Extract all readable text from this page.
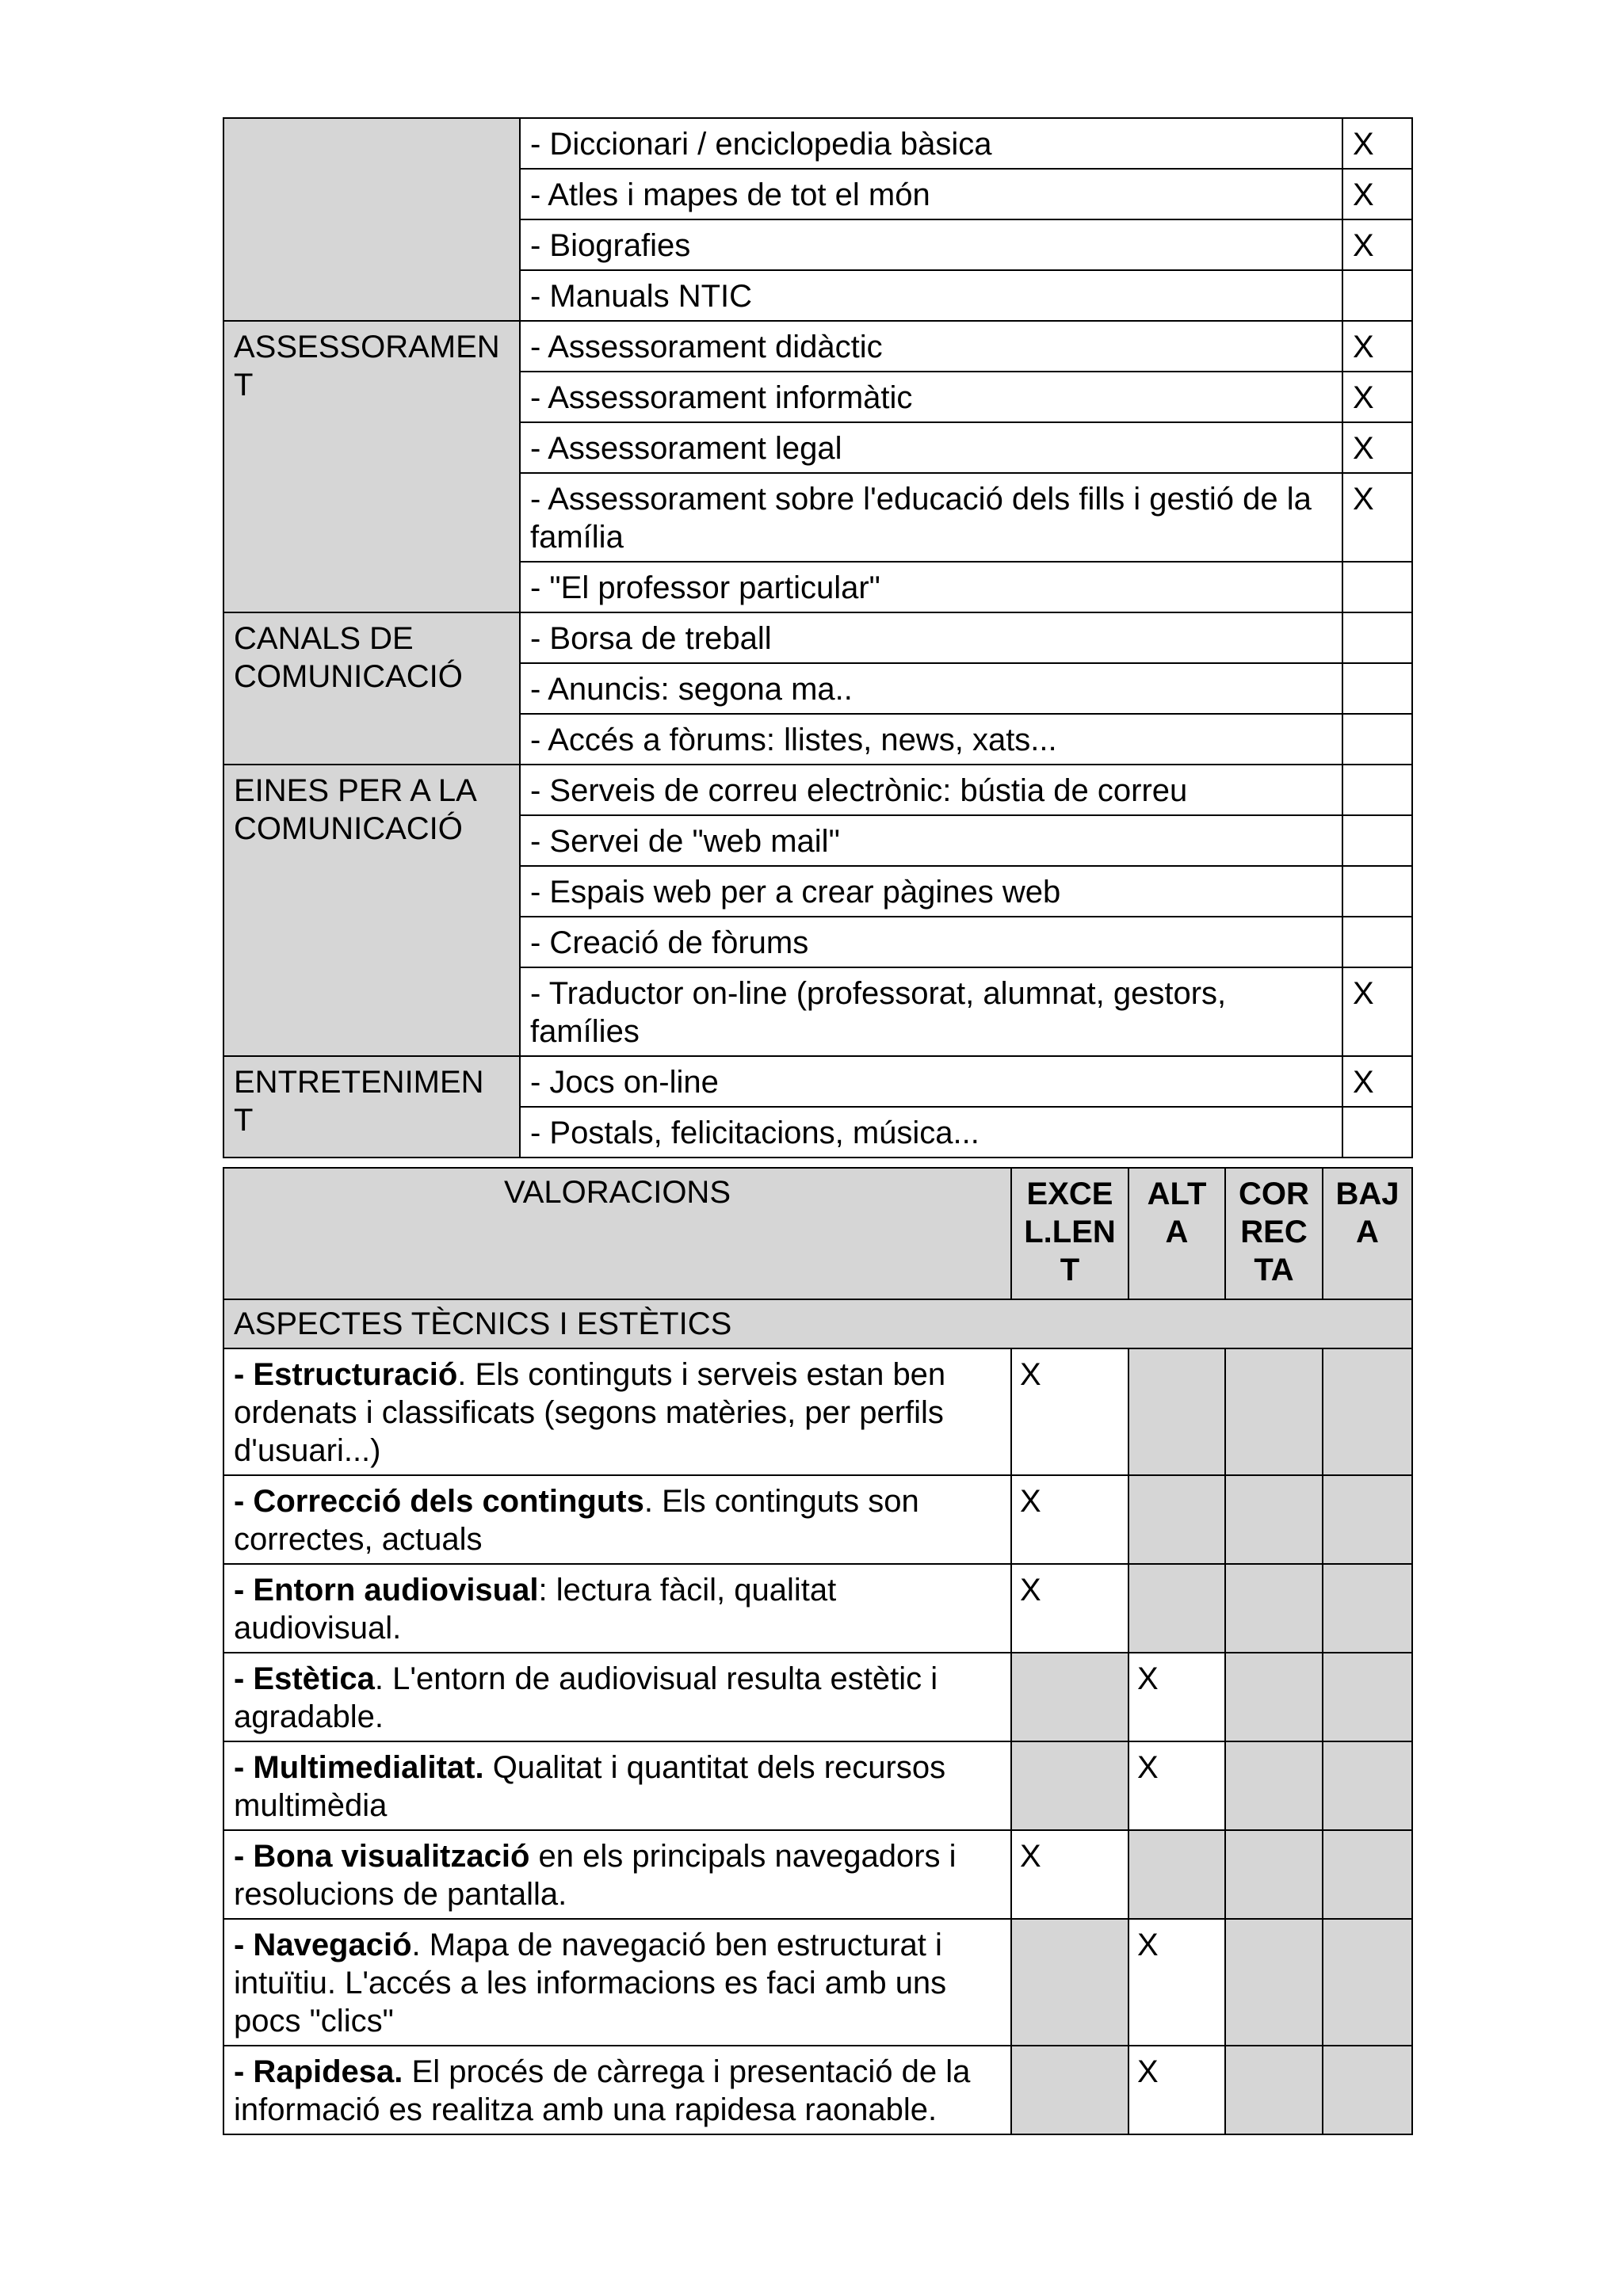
	- Diccionari / enciclopedia bàsica	X
	- Atles i mapes de tot el món	X
	- Biografies	X
	- Manuals NTIC	
ASSESSORAMEN T	- Assessorament didàctic	X
	- Assessorament informàtic	X
	- Assessorament legal	X
	- Assessorament sobre l'educació dels fills i gestió de la família	X
	- "El professor particular"	
CANALS DE COMUNICACIÓ	- Borsa de treball	
	- Anuncis: segona ma..	
	- Accés a fòrums: llistes, news, xats...	
EINES PER A LA COMUNICACIÓ	- Serveis de correu electrònic: bústia de correu	
	- Servei de "web mail"	
	- Espais web per a crear pàgines web	
	- Creació de fòrums	
	- Traductor on-line (professorat, alumnat, gestors, famílies	X
ENTRETENIMEN T	- Jocs on-line	X
	- Postals, felicitacions, música...	
VALORACIONS	EXCE L.LEN T	ALT A	COR REC TA	BAJ A
ASPECTES TÈCNICS I ESTÈTICS				
- Estructuració. Els continguts i serveis estan ben ordenats i classificats (segons matèries, per perfils d'usuari...)	X			
- Correcció dels continguts. Els continguts son correctes, actuals	X			
- Entorn audiovisual: lectura fàcil, qualitat audiovisual.	X			
- Estètica. L'entorn de audiovisual resulta estètic i agradable.		X		
- Multimedialitat. Qualitat i quantitat dels recursos multimèdia		X		
- Bona visualització en els principals navegadors i resolucions de pantalla.	X			
- Navegació. Mapa de navegació ben estructurat i intuïtiu. L'accés a les informacions es faci amb uns pocs "clics"		X		
- Rapidesa. El procés de càrrega i presentació de la informació es realitza amb una rapidesa raonable.		X		
